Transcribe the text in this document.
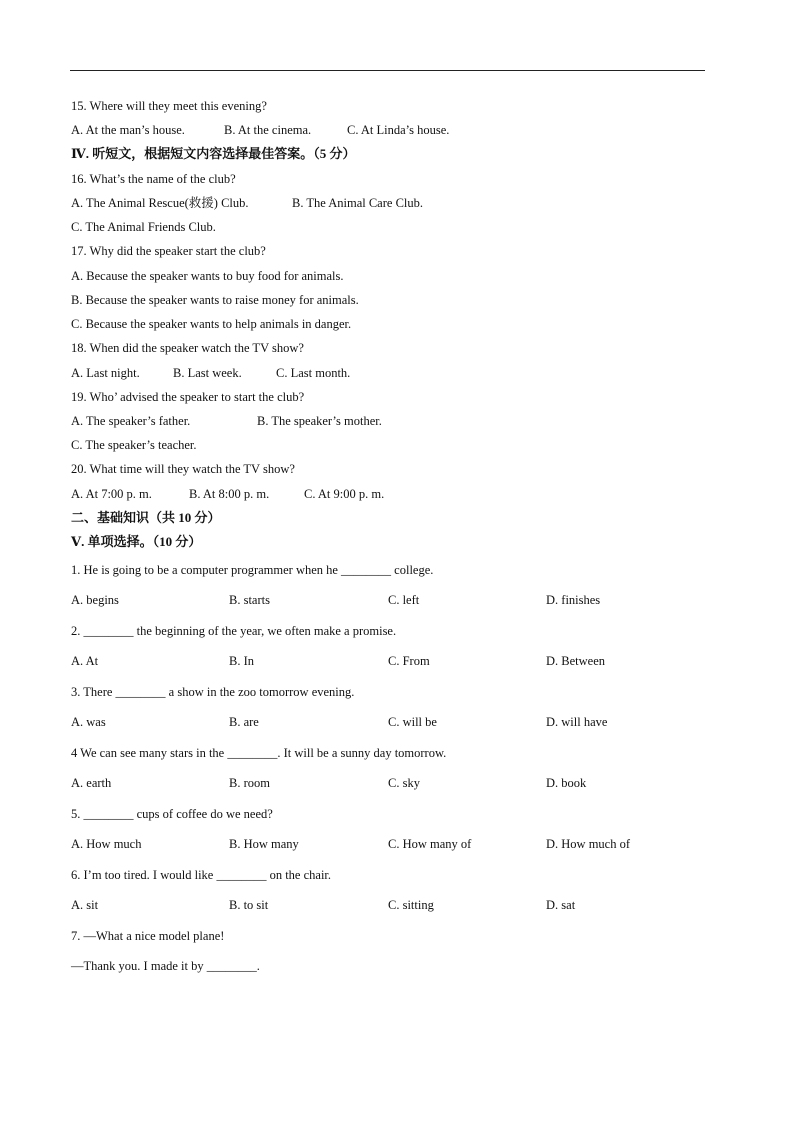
15. Where will they meet this evening?
A. At the man’s house.	B. At the cinema.	C. At Linda’s house.
Ⅳ. 听短文，根据短文内容选择最佳答案。（5 分）
16. What’s the name of the club?
A. The Animal Rescue(救援) Club.	B. The Animal Care Club.
C. The Animal Friends Club.
17. Why did the speaker start the club?
A. Because the speaker wants to buy food for animals.
B. Because the speaker wants to raise money for animals.
C. Because the speaker wants to help animals in danger.
18. When did the speaker watch the TV show?
A. Last night.	B. Last week.	C. Last month.
19. Who’ advised the speaker to start the club?
A. The speaker’s father.	B. The speaker’s mother.
C. The speaker’s teacher.
20. What time will they watch the TV show?
A. At 7:00 p. m.	B. At 8:00 p. m.	C. At 9:00 p. m.
二、基础知识（共 10 分）
Ⅴ. 单项选择。（10 分）
1. He is going to be a computer programmer when he ________ college.
A. begins	B. starts	C. left	D. finishes
2. ________ the beginning of the year, we often make a promise.
A. At	B. In	C. From	D. Between
3. There ________ a show in the zoo tomorrow evening.
A. was	B. are	C. will be	D. will have
4 We can see many stars in the ________. It will be a sunny day tomorrow.
A. earth	B. room	C. sky	D. book
5. ________ cups of coffee do we need?
A. How much	B. How many	C. How many of	D. How much of
6. I’m too tired. I would like ________ on the chair.
A. sit	B. to sit	C. sitting	D. sat
7. —What a nice model plane!
—Thank you. I made it by ________.
